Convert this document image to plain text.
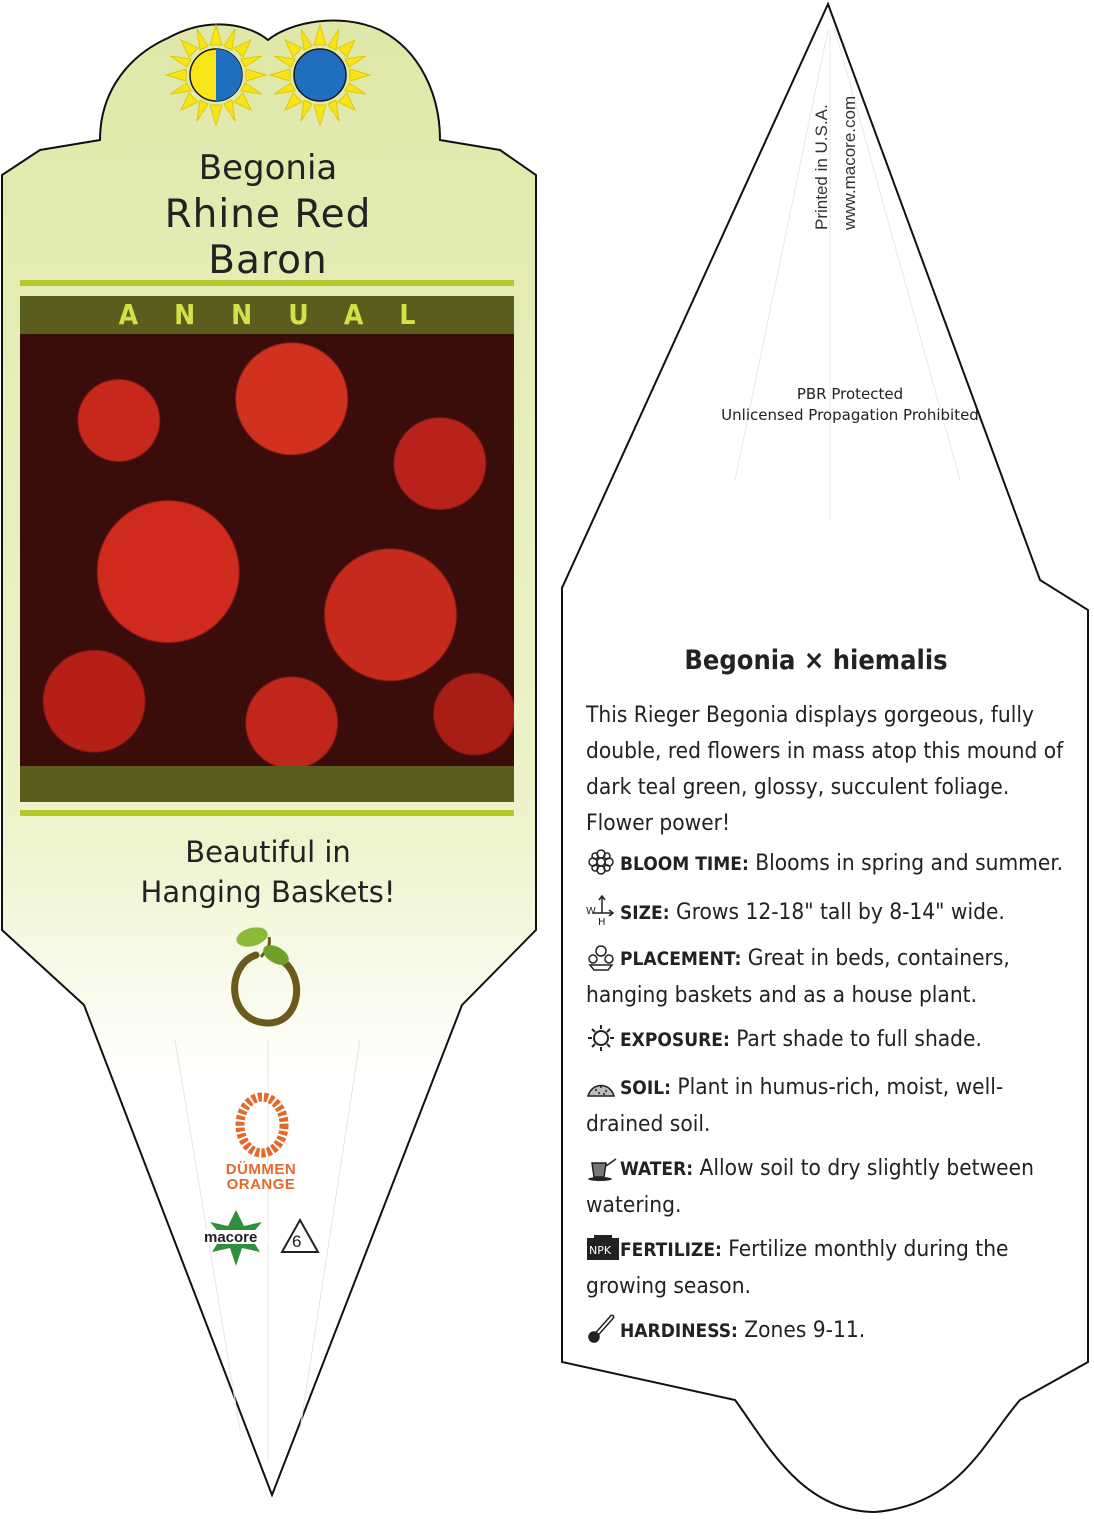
Begonia
Rhine Red
Baron
ANNUAL
Beautiful in
Hanging Baskets!
DÜMMEN
ORANGE
macore 6
Printed in U.S.A. www.macore.com
PBR Protected
Unlicensed Propagation Prohibited
Begonia × hiemalis
This Rieger Begonia displays gorgeous, fully double, red flowers in mass atop this mound of dark teal green, glossy, succulent foliage. Flower power!
BLOOM TIME: Blooms in spring and summer.
W
H SIZE: Grows 12-18" tall by 8-14" wide.
PLACEMENT: Great in beds, containers, hanging baskets and as a house plant.
EXPOSURE: Part shade to full shade.
SOIL: Plant in humus-rich, moist, well-drained soil.
WATER: Allow soil to dry slightly between watering.
NPK FERTILIZE: Fertilize monthly during the growing season.
HARDINESS: Zones 9-11.
